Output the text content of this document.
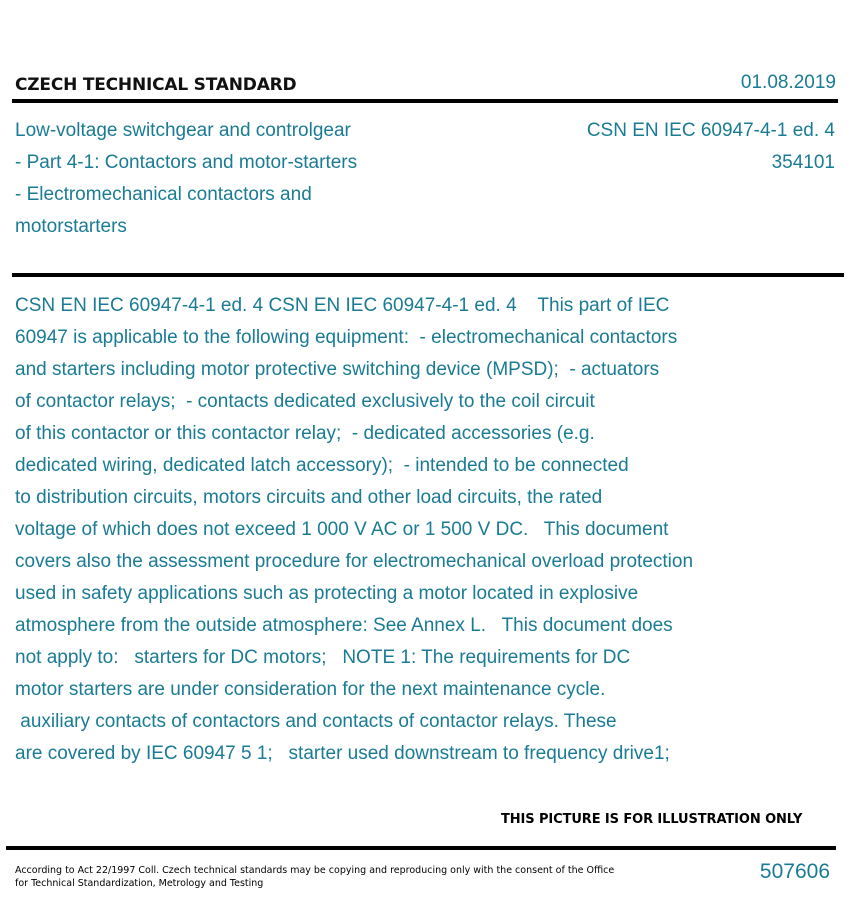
CZECH TECHNICAL STANDARD	01.08.2019
Low-voltage switchgear and controlgear
- Part 4-1: Contactors and motor-starters
- Electromechanical contactors and
motorstarters
CSN EN IEC 60947-4-1 ed. 4
354101
CSN EN IEC 60947-4-1 ed. 4 CSN EN IEC 60947-4-1 ed. 4    This part of IEC
60947 is applicable to the following equipment:  - electromechanical contactors
and starters including motor protective switching device (MPSD);  - actuators
of contactor relays;  - contacts dedicated exclusively to the coil circuit
of this contactor or this contactor relay;  - dedicated accessories (e.g.
dedicated wiring, dedicated latch accessory);  - intended to be connected
to distribution circuits, motors circuits and other load circuits, the rated
voltage of which does not exceed 1 000 V AC or 1 500 V DC.   This document
covers also the assessment procedure for electromechanical overload protection
used in safety applications such as protecting a motor located in explosive
atmosphere from the outside atmosphere: See Annex L.   This document does
not apply to:   starters for DC motors;   NOTE 1: The requirements for DC
motor starters are under consideration for the next maintenance cycle.
auxiliary contacts of contactors and contacts of contactor relays. These
are covered by IEC 60947 5 1;   starter used downstream to frequency drive1;
THIS PICTURE IS FOR ILLUSTRATION ONLY
According to Act 22/1997 Coll. Czech technical standards may be copying and reproducing only with the consent of the Office
for Technical Standardization, Metrology and Testing
507606
